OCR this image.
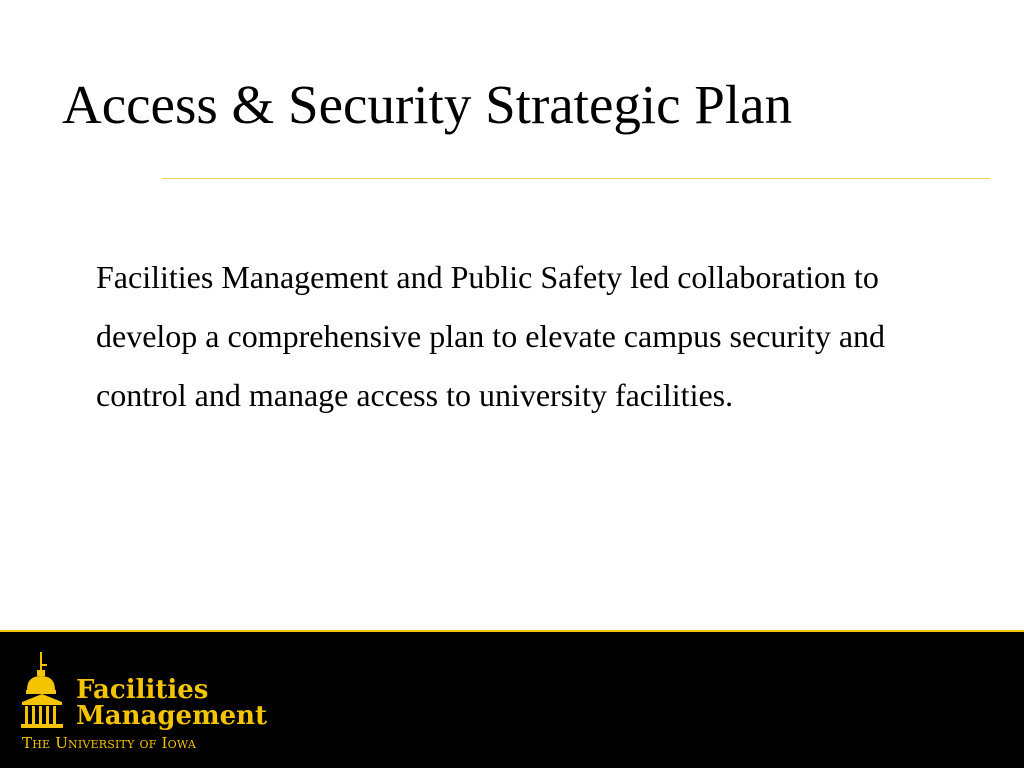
Access & Security Strategic Plan
Facilities Management and Public Safety led collaboration to develop a comprehensive plan to elevate campus security and control and manage access to university facilities.
Facilities
Management
The University of Iowa
